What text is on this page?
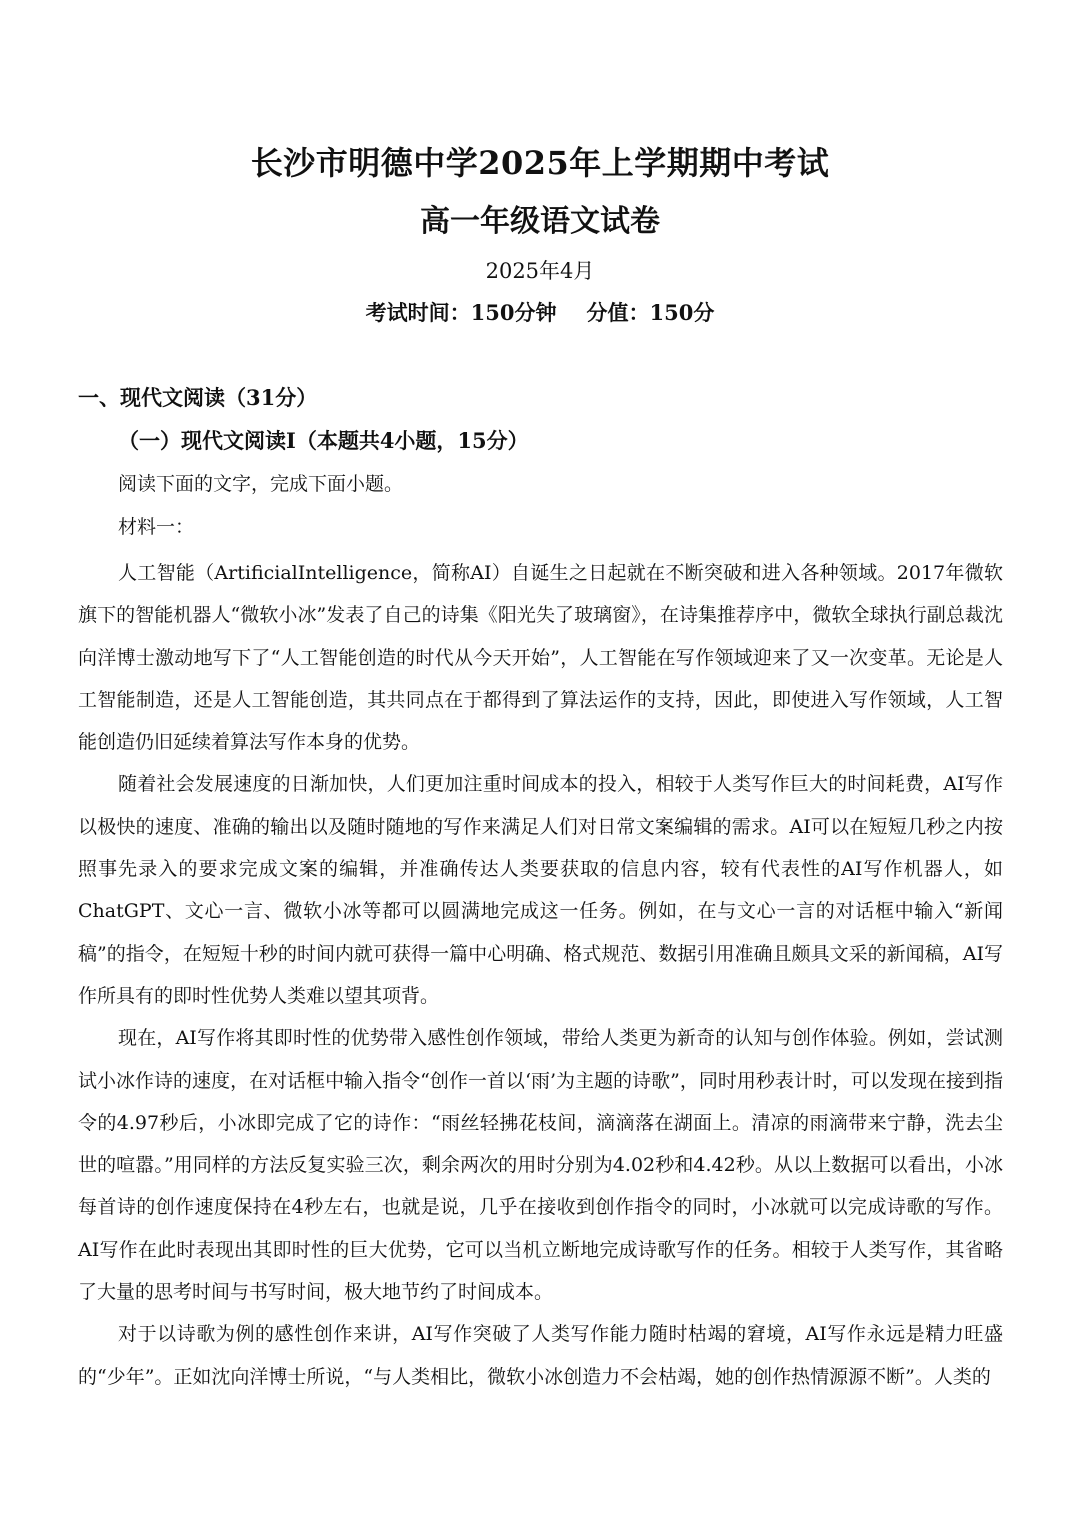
长沙市明德中学2025年上学期期中考试
高一年级语文试卷
2025年4月
考试时间：150分钟 分值：150分
一、现代文阅读（31分）
（一）现代文阅读Ⅰ（本题共4小题，15分）
阅读下面的文字，完成下面小题。
材料一：

人工智能（ArtificialIntelligence，简称AI）自诞生之日起就在不断突破和进入各种领域。2017年微软旗下的智能机器人“微软小冰”发表了自己的诗集《阳光失了玻璃窗》，在诗集推荐序中，微软全球执行副总裁沈向洋博士激动地写下了“人工智能创造的时代从今天开始”，人工智能在写作领域迎来了又一次变革。无论是人工智能制造，还是人工智能创造，其共同点在于都得到了算法运作的支持，因此，即使进入写作领域，人工智能创造仍旧延续着算法写作本身的优势。

随着社会发展速度的日渐加快，人们更加注重时间成本的投入，相较于人类写作巨大的时间耗费，AI写作以极快的速度、准确的输出以及随时随地的写作来满足人们对日常文案编辑的需求。AI可以在短短几秒之内按照事先录入的要求完成文案的编辑，并准确传达人类要获取的信息内容，较有代表性的AI写作机器人，如ChatGPT、文心一言、微软小冰等都可以圆满地完成这一任务。例如，在与文心一言的对话框中输入“新闻稿”的指令，在短短十秒的时间内就可获得一篇中心明确、格式规范、数据引用准确且颇具文采的新闻稿，AI写作所具有的即时性优势人类难以望其项背。

现在，AI写作将其即时性的优势带入感性创作领域，带给人类更为新奇的认知与创作体验。例如，尝试测试小冰作诗的速度，在对话框中输入指令“创作一首以‘雨’为主题的诗歌”，同时用秒表计时，可以发现在接到指令的4.97秒后，小冰即完成了它的诗作：“雨丝轻拂花枝间，滴滴落在湖面上。清凉的雨滴带来宁静，洗去尘世的喧嚣。”用同样的方法反复实验三次，剩余两次的用时分别为4.02秒和4.42秒。从以上数据可以看出，小冰每首诗的创作速度保持在4秒左右，也就是说，几乎在接收到创作指令的同时，小冰就可以完成诗歌的写作。AI写作在此时表现出其即时性的巨大优势，它可以当机立断地完成诗歌写作的任务。相较于人类写作，其省略了大量的思考时间与书写时间，极大地节约了时间成本。

对于以诗歌为例的感性创作来讲，AI写作突破了人类写作能力随时枯竭的窘境，AI写作永远是精力旺盛的“少年”。正如沈向洋博士所说，“与人类相比，微软小冰创造力不会枯竭，她的创作热情源源不断”。人类的
